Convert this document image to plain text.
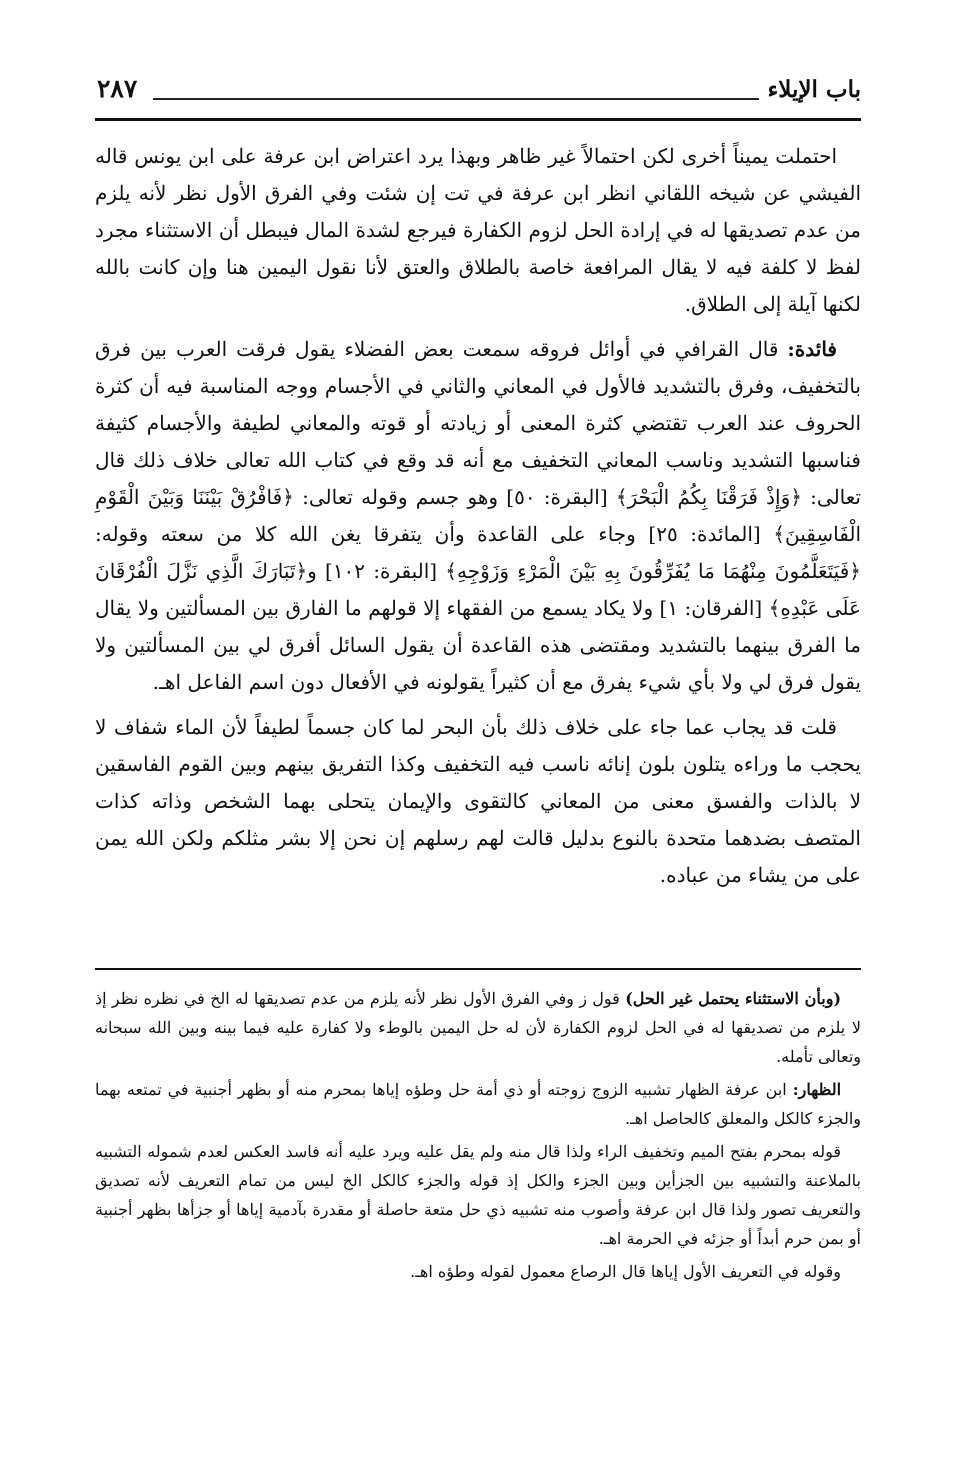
باب الإيلاء
٢٨٧

احتملت يميناً أخرى لكن احتمالاً غير ظاهر وبهذا يرد اعتراض ابن عرفة على ابن يونس قاله الفيشي عن شيخه اللقاني انظر ابن عرفة في تت إن شئت وفي الفرق الأول نظر لأنه يلزم من عدم تصديقها له في إرادة الحل لزوم الكفارة فيرجع لشدة المال فيبطل أن الاستثناء مجرد لفظ لا كلفة فيه لا يقال المرافعة خاصة بالطلاق والعتق لأنا نقول اليمين هنا وإن كانت بالله لكنها آيلة إلى الطلاق.

فائدة: قال القرافي في أوائل فروقه سمعت بعض الفضلاء يقول فرقت العرب بين فرق بالتخفيف، وفرق بالتشديد فالأول في المعاني والثاني في الأجسام ووجه المناسبة فيه أن كثرة الحروف عند العرب تقتضي كثرة المعنى أو زيادته أو قوته والمعاني لطيفة والأجسام كثيفة فناسبها التشديد وناسب المعاني التخفيف مع أنه قد وقع في كتاب الله تعالى خلاف ذلك قال تعالى: ﴿وَإِذْ فَرَقْنَا بِكُمُ الْبَحْرَ﴾ [البقرة: ٥٠] وهو جسم وقوله تعالى: ﴿فَافْرُقْ بَيْنَنَا وَبَيْنَ الْقَوْمِ الْفَاسِقِينَ﴾ [المائدة: ٢٥] وجاء على القاعدة وأن يتفرقا يغن الله كلا من سعته وقوله: ﴿فَيَتَعَلَّمُونَ مِنْهُمَا مَا يُفَرِّقُونَ بِهِ بَيْنَ الْمَرْءِ وَزَوْجِهِ﴾ [البقرة: ١٠٢] و﴿تَبَارَكَ الَّذِي نَزَّلَ الْفُرْقَانَ عَلَى عَبْدِهِ﴾ [الفرقان: ١] ولا يكاد يسمع من الفقهاء إلا قولهم ما الفارق بين المسألتين ولا يقال ما الفرق بينهما بالتشديد ومقتضى هذه القاعدة أن يقول السائل أفرق لي بين المسألتين ولا يقول فرق لي ولا بأي شيء يفرق مع أن كثيراً يقولونه في الأفعال دون اسم الفاعل اهـ.

قلت قد يجاب عما جاء على خلاف ذلك بأن البحر لما كان جسماً لطيفاً لأن الماء شفاف لا يحجب ما وراءه يتلون بلون إنائه ناسب فيه التخفيف وكذا التفريق بينهم وبين القوم الفاسقين لا بالذات والفسق معنى من المعاني كالتقوى والإيمان يتحلى بهما الشخص وذاته كذات المتصف بضدهما متحدة بالنوع بدليل قالت لهم رسلهم إن نحن إلا بشر مثلكم ولكن الله يمن على من يشاء من عباده.

(وبأن الاستثناء يحتمل غير الحل) قول ز وفي الفرق الأول نظر لأنه يلزم من عدم تصديقها له الخ في نظره نظر إذ لا يلزم من تصديقها له في الحل لزوم الكفارة لأن له حل اليمين بالوطء ولا كفارة عليه فيما بينه وبين الله سبحانه وتعالى تأمله.

الظهار: ابن عرفة الظهار تشبيه الزوج زوجته أو ذي أمة حل وطؤه إياها بمحرم منه أو بظهر أجنبية في تمتعه بهما والجزء كالكل والمعلق كالحاصل اهـ.

قوله بمحرم بفتح الميم وتخفيف الراء ولذا قال منه ولم يقل عليه ويرد عليه أنه فاسد العكس لعدم شموله التشبيه بالملاعنة والتشبيه بين الجزأين وبين الجزء والكل إذ قوله والجزء كالكل الخ ليس من تمام التعريف لأنه تصديق والتعريف تصور ولذا قال ابن عرفة وأصوب منه تشبيه ذي حل متعة حاصلة أو مقدرة بآدمية إياها أو جزأها بظهر أجنبية أو بمن حرم أبداً أو جزئه في الحرمة اهـ.

وقوله في التعريف الأول إياها قال الرصاع معمول لقوله وطؤه اهـ.
